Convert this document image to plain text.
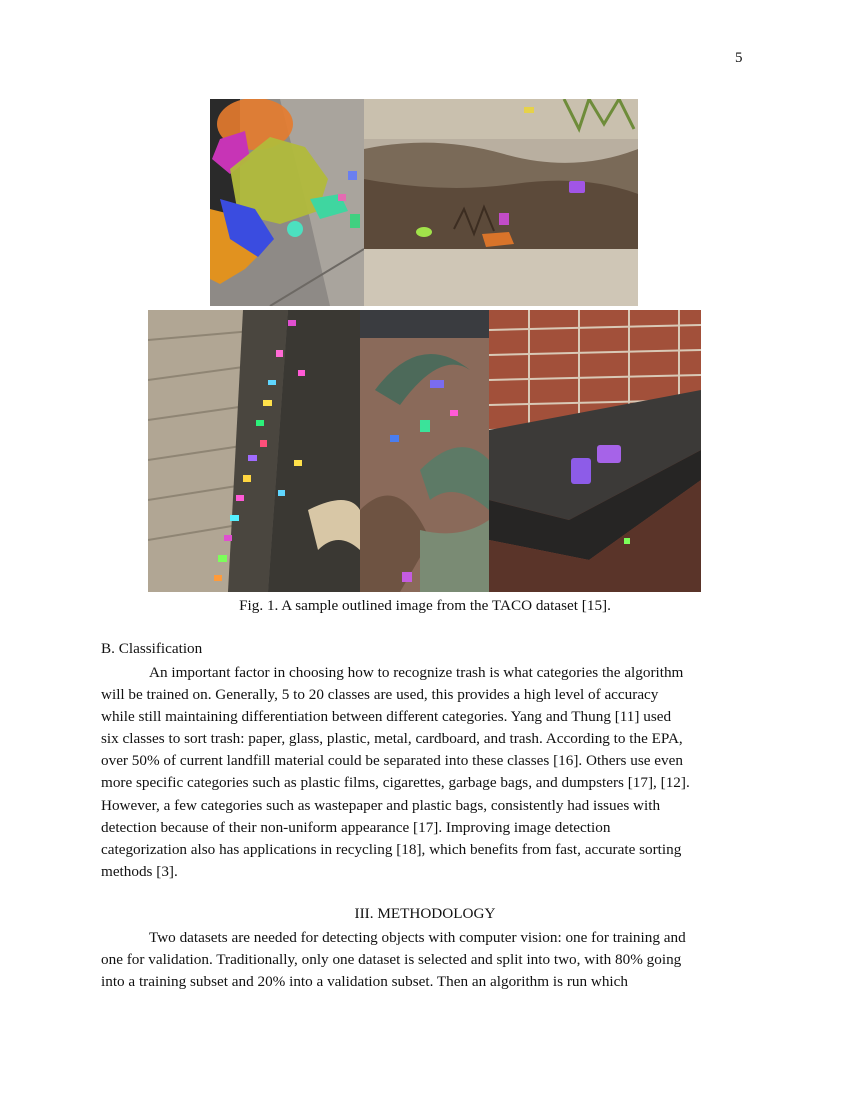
5
Fig. 1. A sample outlined image from the TACO dataset [15].
B. Classification
An important factor in choosing how to recognize trash is what categories the algorithm
will be trained on. Generally, 5 to 20 classes are used, this provides a high level of accuracy
while still maintaining differentiation between different categories. Yang and Thung [11] used
six classes to sort trash: paper, glass, plastic, metal, cardboard, and trash. According to the EPA,
over 50% of current landfill material could be separated into these classes [16]. Others use even
more specific categories such as plastic films, cigarettes, garbage bags, and dumpsters [17], [12].
However, a few categories such as wastepaper and plastic bags, consistently had issues with
detection because of their non-uniform appearance [17]. Improving image detection
categorization also has applications in recycling [18], which benefits from fast, accurate sorting
methods [3].
III. METHODOLOGY
Two datasets are needed for detecting objects with computer vision: one for training and
one for validation. Traditionally, only one dataset is selected and split into two, with 80% going
into a training subset and 20% into a validation subset. Then an algorithm is run which
